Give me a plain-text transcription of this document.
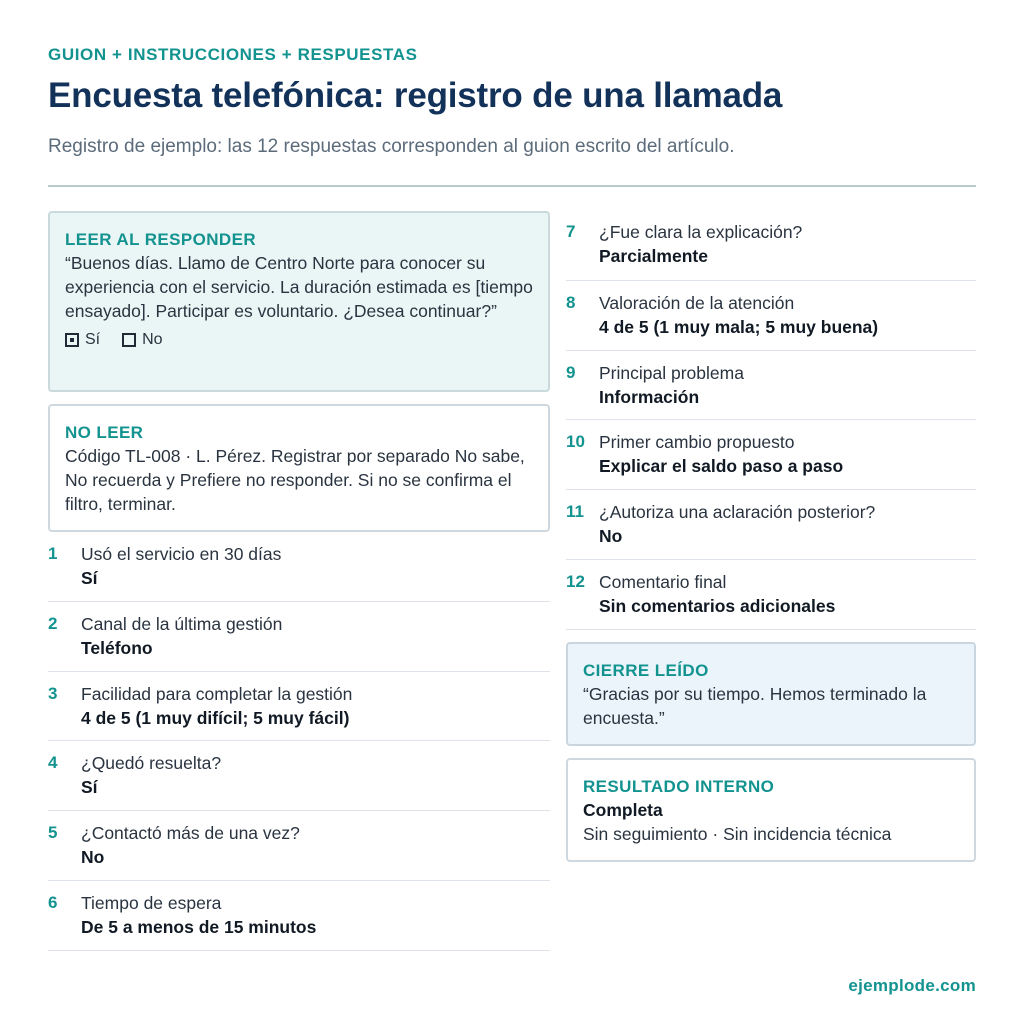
GUION + INSTRUCCIONES + RESPUESTAS
Encuesta telefónica: registro de una llamada
Registro de ejemplo: las 12 respuestas corresponden al guion escrito del artículo.
LEER AL RESPONDER
“Buenos días. Llamo de Centro Norte para conocer su experiencia con el servicio. La duración estimada es [tiempo ensayado]. Participar es voluntario. ¿Desea continuar?”
Sí	No
NO LEER
Código TL-008 · L. Pérez. Registrar por separado No sabe, No recuerda y Prefiere no responder. Si no se confirma el filtro, terminar.
1	Usó el servicio en 30 días
Sí
2	Canal de la última gestión
Teléfono
3	Facilidad para completar la gestión
4 de 5 (1 muy difícil; 5 muy fácil)
4	¿Quedó resuelta?
Sí
5	¿Contactó más de una vez?
No
6	Tiempo de espera
De 5 a menos de 15 minutos
7	¿Fue clara la explicación?
Parcialmente
8	Valoración de la atención
4 de 5 (1 muy mala; 5 muy buena)
9	Principal problema
Información
10 Primer cambio propuesto
Explicar el saldo paso a paso
11 ¿Autoriza una aclaración posterior?
No
12 Comentario final
Sin comentarios adicionales
CIERRE LEÍDO
“Gracias por su tiempo. Hemos terminado la encuesta.”
RESULTADO INTERNO
Completa
Sin seguimiento · Sin incidencia técnica
ejemplode.com
